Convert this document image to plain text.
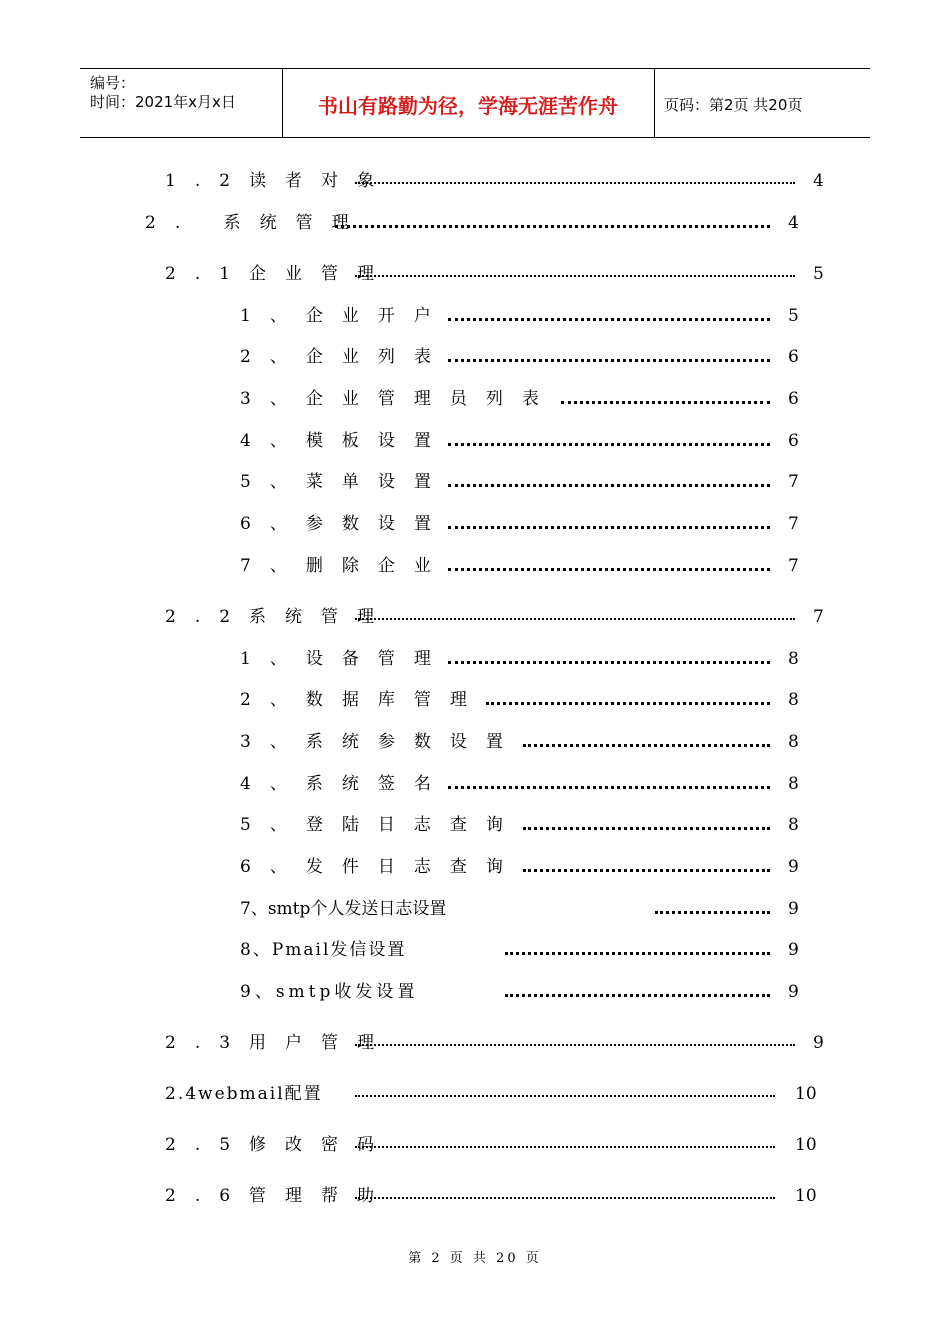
编号：
时间：2021年x月x日	书山有路勤为径，学海无涯苦作舟	页码：第2页 共20页
1.2读者对象	4
2. 系统管理	4
2.1企业管理	5
1、企业开户	5
2、企业列表	6
3、企业管理员列表	6
4、模板设置	6
5、菜单设置	7
6、参数设置	7
7、删除企业	7
2.2系统管理	7
1、设备管理	8
2、数据库管理	8
3、系统参数设置	8
4、系统签名	8
5、登陆日志查询	8
6、发件日志查询	9
7、smtp个人发送日志设置	9
8、Pmail发信设置	9
9、smtp收发设置	9
2.3用户管理	9
2.4webmail配置	10
2.5修改密码	10
2.6管理帮助	10
第 2 页 共 20 页
